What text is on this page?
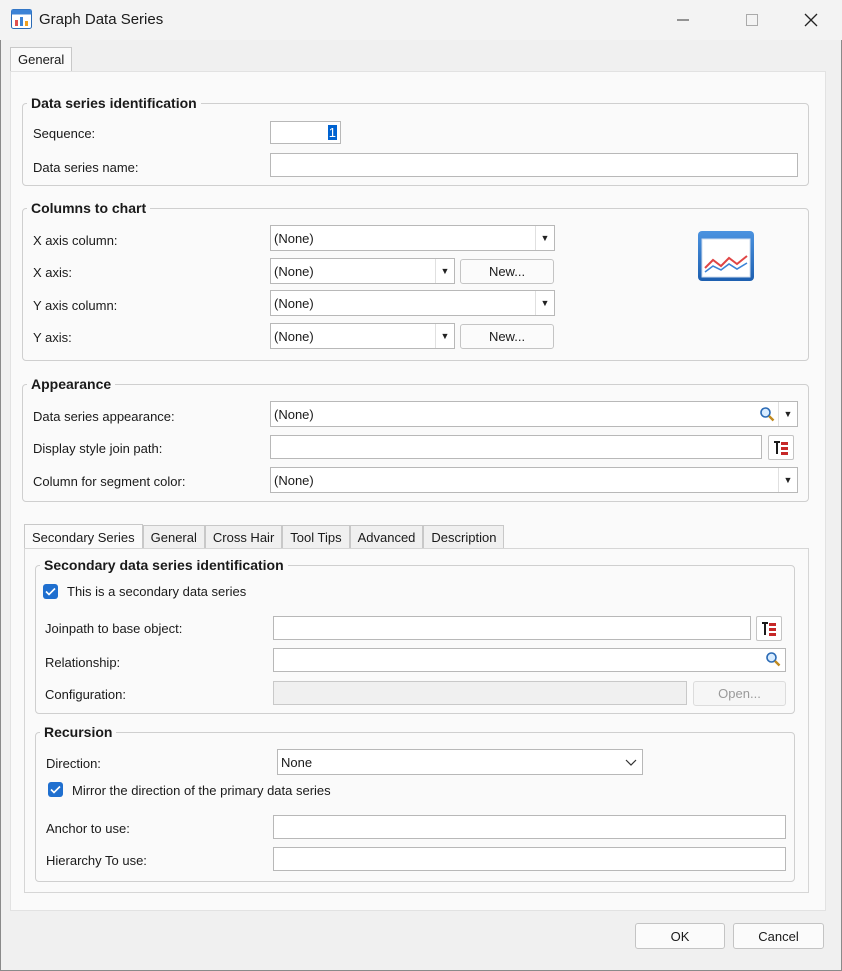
Graph Data Series
General
Data series identification
Sequence:	1
Data series name:
Columns to chart
X axis column:	(None)	▼
X axis:	(None)	▼	New...
Y axis column:	(None)	▼
Y axis:	(None)	▼	New...
Appearance
Data series appearance:	(None)	▼
Display style join path:
Column for segment color:	(None)	▼
Secondary Series	General	Cross Hair	Tool Tips	Advanced	Description
Secondary data series identification
This is a secondary data series
Joinpath to base object:
Relationship:
Configuration:	Open...
Recursion
Direction:	None
Mirror the direction of the primary data series
Anchor to use:
Hierarchy To use:
OK	Cancel
